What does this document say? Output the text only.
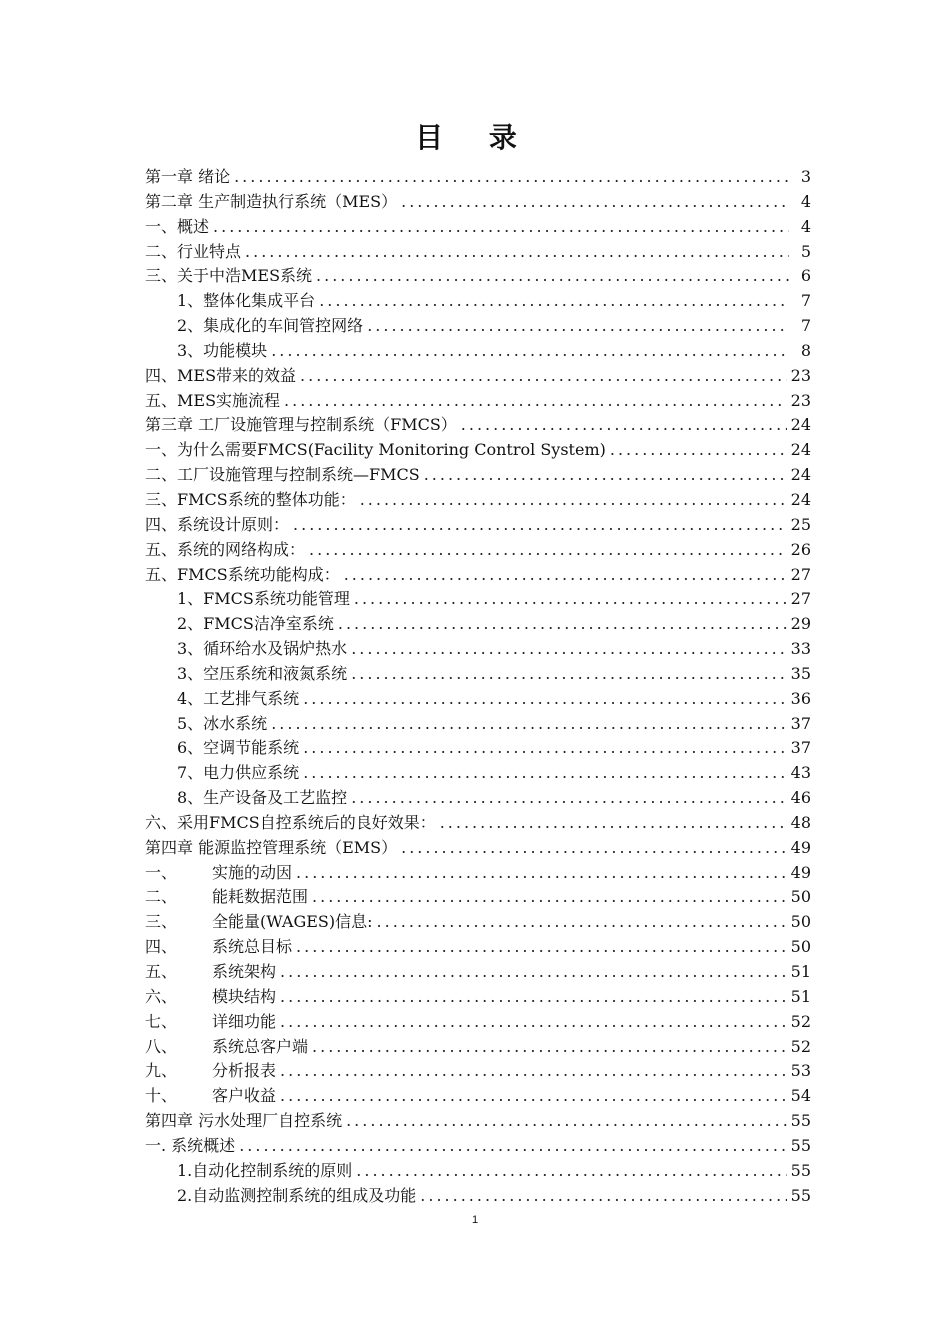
目 录
第一章 绪论 .....	3
第二章 生产制造执行系统（MES） .....	4
一、概述 .....	4
二、行业特点 .....	5
三、关于中浩MES系统 .....	6
1、整体化集成平台 .....	7
2、集成化的车间管控网络 .....	7
3、功能模块 .....	8
四、MES带来的效益 .....	23
五、MES实施流程 .....	23
第三章 工厂设施管理与控制系统（FMCS） .....	24
一、为什么需要FMCS(Facility Monitoring Control System) .....	24
二、工厂设施管理与控制系统—FMCS .....	24
三、FMCS系统的整体功能： .....	24
四、系统设计原则： .....	25
五、系统的网络构成： .....	26
五、FMCS系统功能构成： .....	27
1、FMCS系统功能管理 .....	27
2、FMCS洁净室系统 .....	29
3、循环给水及锅炉热水 .....	33
3、空压系统和液氮系统 .....	35
4、工艺排气系统 .....	36
5、冰水系统 .....	37
6、空调节能系统 .....	37
7、电力供应系统 .....	43
8、生产设备及工艺监控 .....	46
六、采用FMCS自控系统后的良好效果： .....	48
第四章 能源监控管理系统（EMS） .....	49
一、	实施的动因 .....	49
二、	能耗数据范围 .....	50
三、	全能量(WAGES)信息: .....	50
四、	系统总目标 .....	50
五、	系统架构 .....	51
六、	模块结构 .....	51
七、	详细功能 .....	52
八、	系统总客户端 .....	52
九、	分析报表 .....	53
十、	客户收益 .....	54
第四章 污水处理厂自控系统 .....	55
一. 系统概述 .....	55
1.自动化控制系统的原则 .....	55
2.自动监测控制系统的组成及功能 .....	55
1
